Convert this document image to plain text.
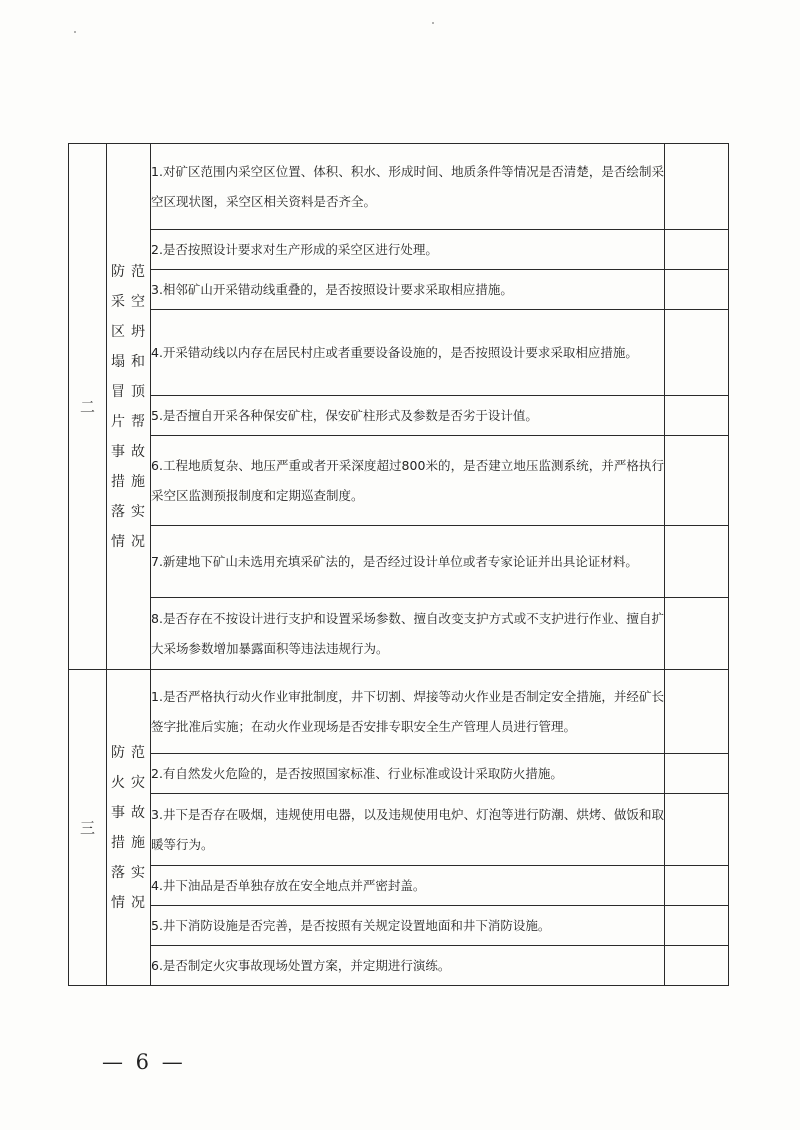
二	防范采空区坍塌和冒顶片帮事故措施落实情况	1.对矿区范围内采空区位置、体积、积水、形成时间、地质条件等情况是否清楚，是否绘制采空区现状图，采空区相关资料是否齐全。	
		2.是否按照设计要求对生产形成的采空区进行处理。	
		3.相邻矿山开采错动线重叠的，是否按照设计要求采取相应措施。	
		4.开采错动线以内存在居民村庄或者重要设备设施的，是否按照设计要求采取相应措施。	
		5.是否擅自开采各种保安矿柱，保安矿柱形式及参数是否劣于设计值。	
		6.工程地质复杂、地压严重或者开采深度超过800米的，是否建立地压监测系统，并严格执行采空区监测预报制度和定期巡查制度。	
		7.新建地下矿山未选用充填采矿法的，是否经过设计单位或者专家论证并出具论证材料。	
		8.是否存在不按设计进行支护和设置采场参数、擅自改变支护方式或不支护进行作业、擅自扩大采场参数增加暴露面积等违法违规行为。	
三	防范火灾事故措施落实情况	1.是否严格执行动火作业审批制度，井下切割、焊接等动火作业是否制定安全措施，并经矿长签字批准后实施；在动火作业现场是否安排专职安全生产管理人员进行管理。	
		2.有自然发火危险的，是否按照国家标准、行业标准或设计采取防火措施。	
		3.井下是否存在吸烟，违规使用电器，以及违规使用电炉、灯泡等进行防潮、烘烤、做饭和取暖等行为。	
		4.井下油品是否单独存放在安全地点并严密封盖。	
		5.井下消防设施是否完善，是否按照有关规定设置地面和井下消防设施。	
		6.是否制定火灾事故现场处置方案，并定期进行演练。	
— 6 —
